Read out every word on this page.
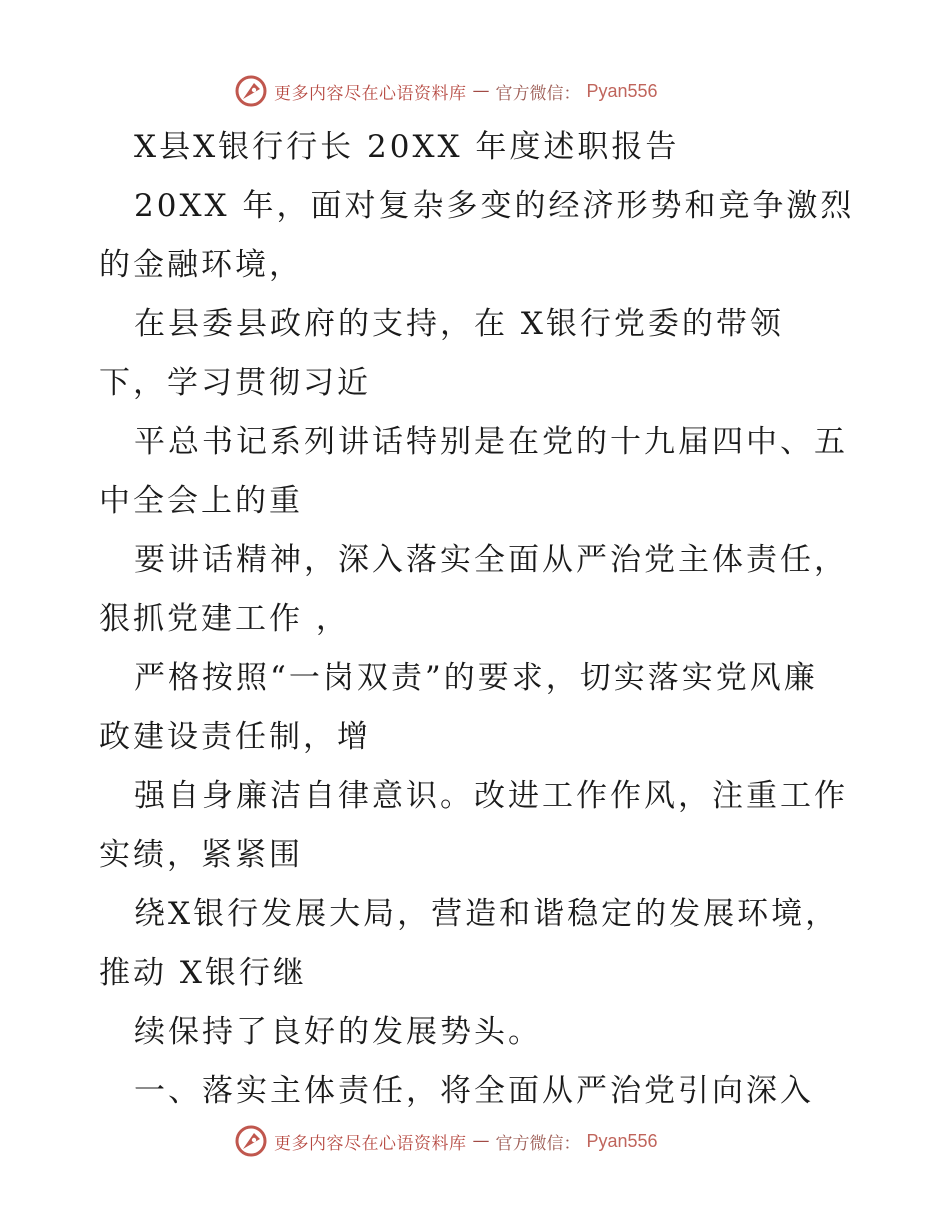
更多内容尽在心语资料库 — 官方微信： Pyan556
X县X银行行长 20XX 年度述职报告
20XX 年，面对复杂多变的经济形势和竞争激烈
的金融环境，
在县委县政府的支持，在 X银行党委的带领
下，学习贯彻习近
平总书记系列讲话特别是在党的十九届四中、五
中全会上的重
要讲话精神，深入落实全面从严治党主体责任，
狠抓党建工作 ，
严格按照“一岗双责”的要求，切实落实党风廉
政建设责任制，增
强自身廉洁自律意识。改进工作作风，注重工作
实绩，紧紧围
绕X银行发展大局，营造和谐稳定的发展环境，
推动 X银行继
续保持了良好的发展势头。
一、落实主体责任，将全面从严治党引向深入
更多内容尽在心语资料库 — 官方微信： Pyan556
